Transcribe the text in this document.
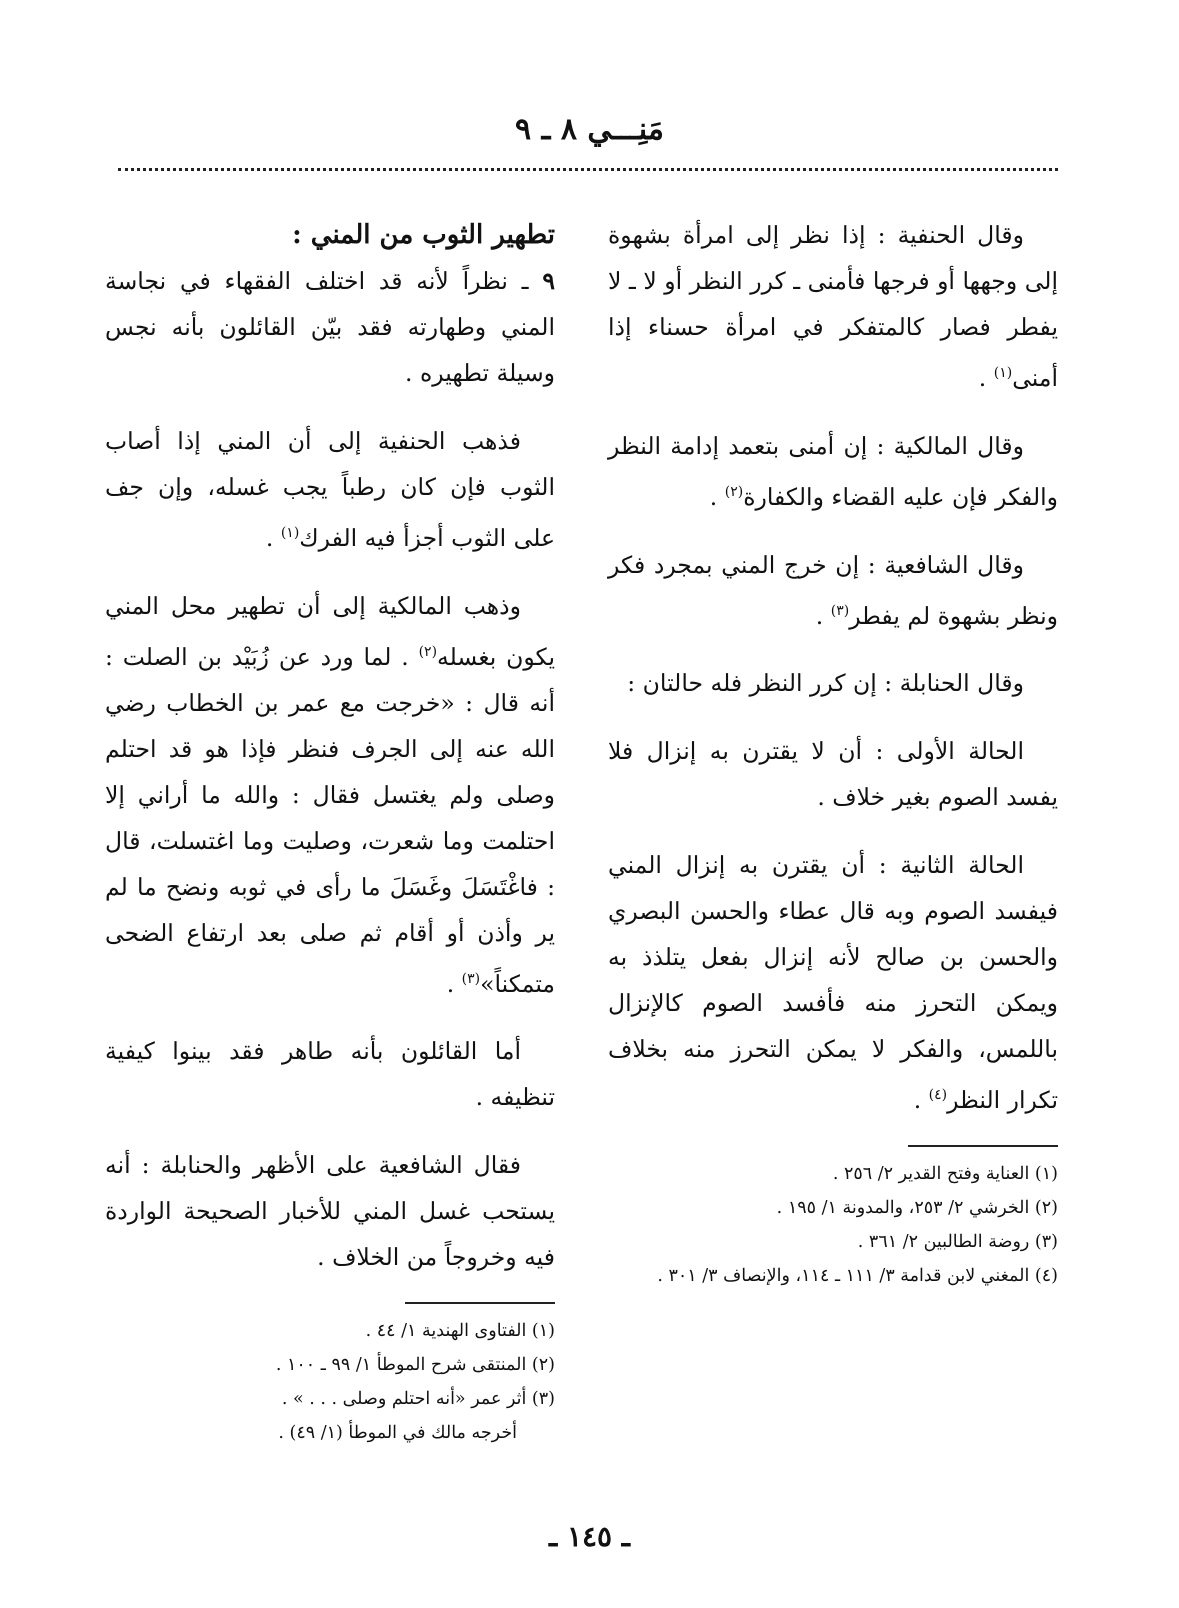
مَنِـــي ٨ ـ ٩

وقال الحنفية : إذا نظر إلى امرأة بشهوة إلى وجهها أو فرجها فأمنى ـ كرر النظر أو لا ـ لا يفطر فصار كالمتفكر في امرأة حسناء إذا أمنى$^{(١)}$ .

وقال المالكية : إن أمنى بتعمد إدامة النظر والفكر فإن عليه القضاء والكفارة$^{(٢)}$ .

وقال الشافعية : إن خرج المني بمجرد فكر ونظر بشهوة لم يفطر$^{(٣)}$ .

وقال الحنابلة : إن كرر النظر فله حالتان :

الحالة الأولى : أن لا يقترن به إنزال فلا يفسد الصوم بغير خلاف .

الحالة الثانية : أن يقترن به إنزال المني فيفسد الصوم وبه قال عطاء والحسن البصري والحسن بن صالح لأنه إنزال بفعل يتلذذ به ويمكن التحرز منه فأفسد الصوم كالإنزال باللمس، والفكر لا يمكن التحرز منه بخلاف تكرار النظر$^{(٤)}$ .

(١) العناية وفتح القدير ٢/ ٢٥٦ .
(٢) الخرشي ٢/ ٢٥٣، والمدونة ١/ ١٩٥ .
(٣) روضة الطالبين ٢/ ٣٦١ .
(٤) المغني لابن قدامة ٣/ ١١١ ـ ١١٤، والإنصاف ٣/ ٣٠١ .
تطهير الثوب من المني :

٩ ـ نظراً لأنه قد اختلف الفقهاء في نجاسة المني وطهارته فقد بيّن القائلون بأنه نجس وسيلة تطهيره .

فذهب الحنفية إلى أن المني إذا أصاب الثوب فإن كان رطباً يجب غسله، وإن جف على الثوب أجزأ فيه الفرك$^{(١)}$ .

وذهب المالكية إلى أن تطهير محل المني يكون بغسله$^{(٢)}$ . لما ورد عن زُبَيْد بن الصلت : أنه قال : «خرجت مع عمر بن الخطاب رضي الله عنه إلى الجرف فنظر فإذا هو قد احتلم وصلى ولم يغتسل فقال : والله ما أراني إلا احتلمت وما شعرت، وصليت وما اغتسلت، قال : فاغْتَسَلَ وغَسَلَ ما رأى في ثوبه ونضح ما لم ير وأذن أو أقام ثم صلى بعد ارتفاع الضحى متمكناً»$^{(٣)}$ .

أما القائلون بأنه طاهر فقد بينوا كيفية تنظيفه .

فقال الشافعية على الأظهر والحنابلة : أنه يستحب غسل المني للأخبار الصحيحة الواردة فيه وخروجاً من الخلاف .

(١) الفتاوى الهندية ١/ ٤٤ .
(٢) المنتقى شرح الموطأ ١/ ٩٩ ـ ١٠٠ .
(٣) أثر عمر «أنه احتلم وصلى . . . » .
أخرجه مالك في الموطأ (١/ ٤٩) .
ـ ١٤٥ ـ
